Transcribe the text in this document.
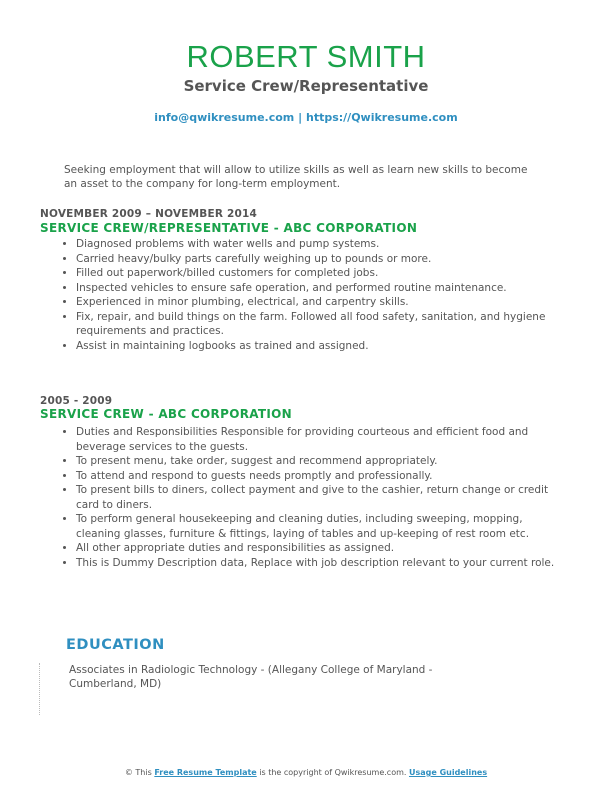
ROBERT SMITH
Service Crew/Representative
info@qwikresume.com | https://Qwikresume.com
Seeking employment that will allow to utilize skills as well as learn new skills to become an asset to the company for long-term employment.
NOVEMBER 2009 – NOVEMBER 2014
SERVICE CREW/REPRESENTATIVE - ABC CORPORATION
• Diagnosed problems with water wells and pump systems.
• Carried heavy/bulky parts carefully weighing up to pounds or more.
• Filled out paperwork/billed customers for completed jobs.
• Inspected vehicles to ensure safe operation, and performed routine maintenance.
• Experienced in minor plumbing, electrical, and carpentry skills.
• Fix, repair, and build things on the farm. Followed all food safety, sanitation, and hygiene requirements and practices.
• Assist in maintaining logbooks as trained and assigned.
2005 - 2009
SERVICE CREW - ABC CORPORATION
• Duties and Responsibilities Responsible for providing courteous and efficient food and beverage services to the guests.
• To present menu, take order, suggest and recommend appropriately.
• To attend and respond to guests needs promptly and professionally.
• To present bills to diners, collect payment and give to the cashier, return change or credit card to diners.
• To perform general housekeeping and cleaning duties, including sweeping, mopping, cleaning glasses, furniture & fittings, laying of tables and up-keeping of rest room etc.
• All other appropriate duties and responsibilities as assigned.
• This is Dummy Description data, Replace with job description relevant to your current role.
EDUCATION
Associates in Radiologic Technology - (Allegany College of Maryland - Cumberland, MD)
© This Free Resume Template is the copyright of Qwikresume.com. Usage Guidelines
